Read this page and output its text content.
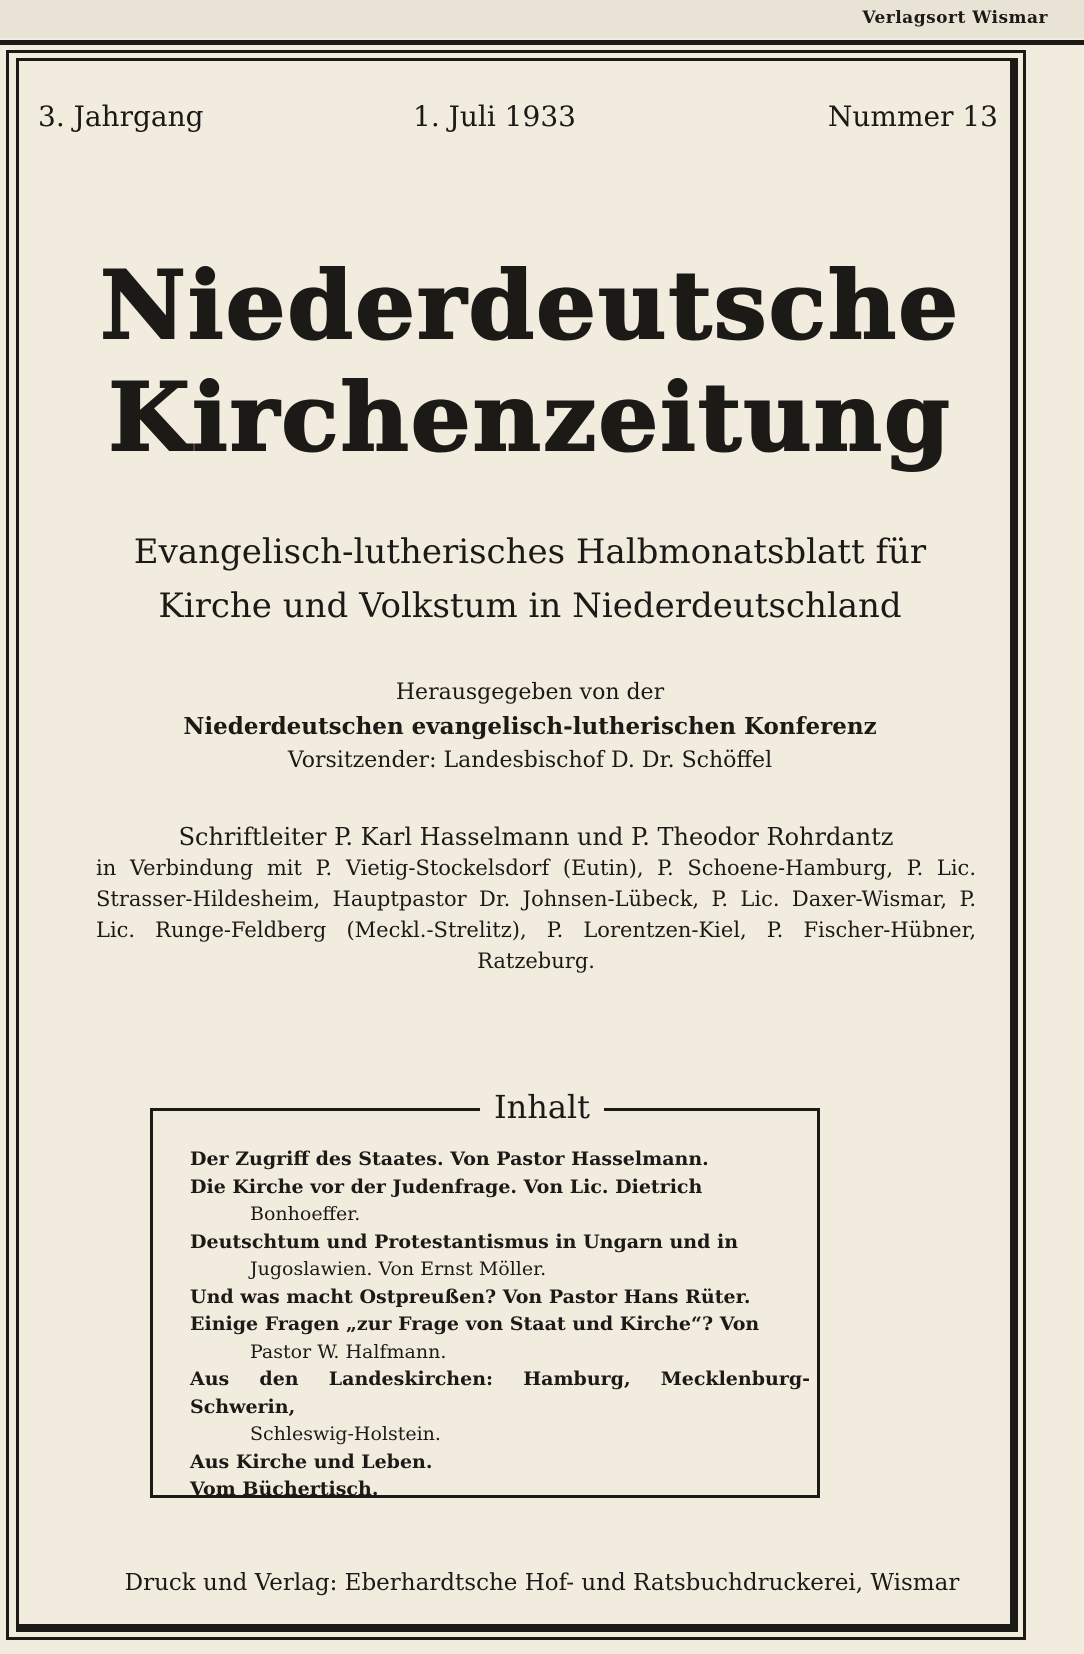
Verlagsort Wismar
3. Jahrgang	1. Juli 1933	Nummer 13
Niederdeutsche
Kirchenzeitung
Evangelisch-lutherisches Halbmonatsblatt für
Kirche und Volkstum in Niederdeutschland
Herausgegeben von der
Niederdeutschen evangelisch-lutherischen Konferenz
Vorsitzender: Landesbischof D. Dr. Schöffel
Schriftleiter P. Karl Hasselmann und P. Theodor Rohrdantz
in Verbindung mit P. Vietig-Stockelsdorf (Eutin), P. Schoene-Hamburg, P. Lic. Strasser-Hildesheim, Hauptpastor Dr. Johnsen-Lübeck, P. Lic. Daxer-Wismar, P. Lic. Runge-Feldberg (Meckl.-Strelitz), P. Lorentzen-Kiel, P. Fischer-Hübner, Ratzeburg.
Inhalt
Der Zugriff des Staates. Von Pastor Hasselmann.
Die Kirche vor der Judenfrage. Von Lic. Dietrich
Bonhoeffer.
Deutschtum und Protestantismus in Ungarn und in
Jugoslawien. Von Ernst Möller.
Und was macht Ostpreußen? Von Pastor Hans Rüter.
Einige Fragen „zur Frage von Staat und Kirche“? Von
Pastor W. Halfmann.
Aus den Landeskirchen: Hamburg, Mecklenburg-Schwerin,
Schleswig-Holstein.
Aus Kirche und Leben.
Vom Büchertisch.
Druck und Verlag: Eberhardtsche Hof- und Ratsbuchdruckerei, Wismar
